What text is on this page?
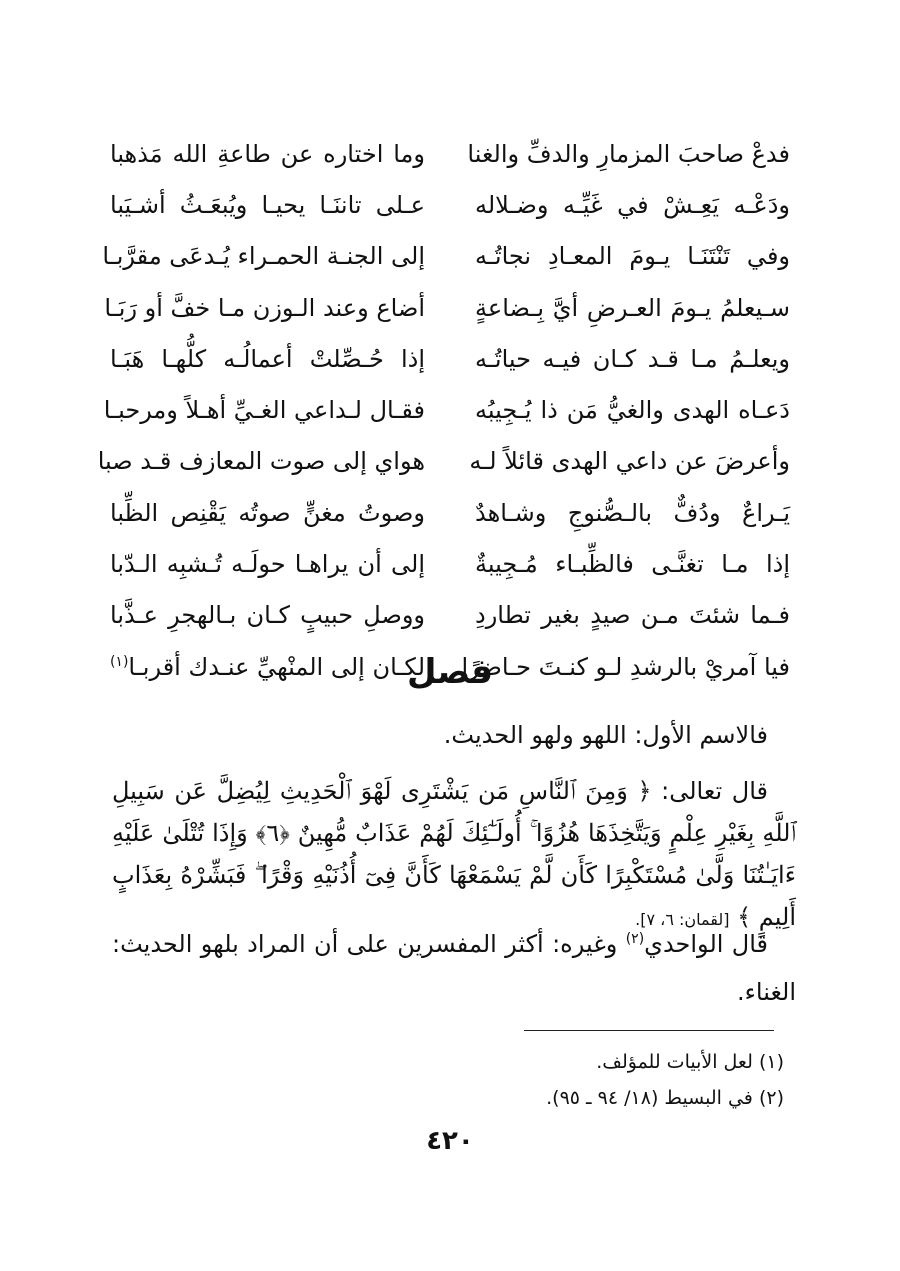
فدعْ صاحبَ المزمارِ والدفِّ والغنا
وما اختاره عن طاعةِ الله مَذهبا
ودَعْـه يَعِـشْ في غَيِّـه وضـلاله
عـلى تاننَـا يحيـا ويُبعَـثُ أشـيَبا
وفي تَنْتَنَـا يـومَ المعـادِ نجاتُـه
إلى الجنـة الحمـراء يُـدعَى مقرَّبـا
سـيعلمُ يـومَ العـرضِ أيَّ بِـضاعةٍ
أضاع وعند الـوزن مـا خفَّ أو رَبَـا
ويعلـمُ مـا قـد كـان فيـه حياتُـه
إذا حُـصِّلتْ أعمالُـه كلُّهـا هَبَـا
دَعـاه الهدى والغيُّ مَن ذا يُـجِيبُه
فقـال لـداعي الغـيِّ أهـلاً ومرحبـا
وأعرضَ عن داعي الهدى قائلاً لـه
هواي إلى صوت المعازف قـد صبا
يَـراعٌ ودُفٌّ بالـصُّنوجِ وشـاهدٌ
وصوتُ مغنٍّ صوتُه يَقْنِص الظِّبا
إذا مـا تغنَّـى فالظِّبـاء مُـجِيبةٌ
إلى أن يراهـا حولَـه تُـشبِه الـدّبا
فـما شئتَ مـن صيدٍ بغير تطاردِ
ووصلِ حبيبٍ كـان بـالهجرِ عـذَّبا
فيا آمريْ بالرشدِ لـو كنـتَ حـاضرًا
لكـان إلى المنْهيِّ عنـدك أقربـا$^{(١)}$	فصل
فالاسم الأول: اللهو ولهو الحديث.
قال تعالى: ﴿ وَمِنَ ٱلنَّاسِ مَن يَشْتَرِى لَهْوَ ٱلْحَدِيثِ لِيُضِلَّ عَن سَبِيلِ ٱللَّهِ بِغَيْرِ عِلْمٍ وَيَتَّخِذَهَا هُزُوًا ۚ أُولَـٰٓئِكَ لَهُمْ عَذَابٌ مُّهِينٌ ﴿٦﴾ وَإِذَا تُتْلَىٰ عَلَيْهِ ءَايَـٰتُنَا وَلَّىٰ مُسْتَكْبِرًا كَأَن لَّمْ يَسْمَعْهَا كَأَنَّ فِىٓ أُذُنَيْهِ وَقْرًا ۖ فَبَشِّرْهُ بِعَذَابٍ أَلِيمٍ ﴾ [لقمان: ٦، ٧].
قال الواحدي$^{(٢)}$ وغيره: أكثر المفسرين على أن المراد بلهو الحديث: الغناء.
(١) لعل الأبيات للمؤلف.
(٢) في البسيط (١٨/ ٩٤ ـ ٩٥).
٤٢٠
